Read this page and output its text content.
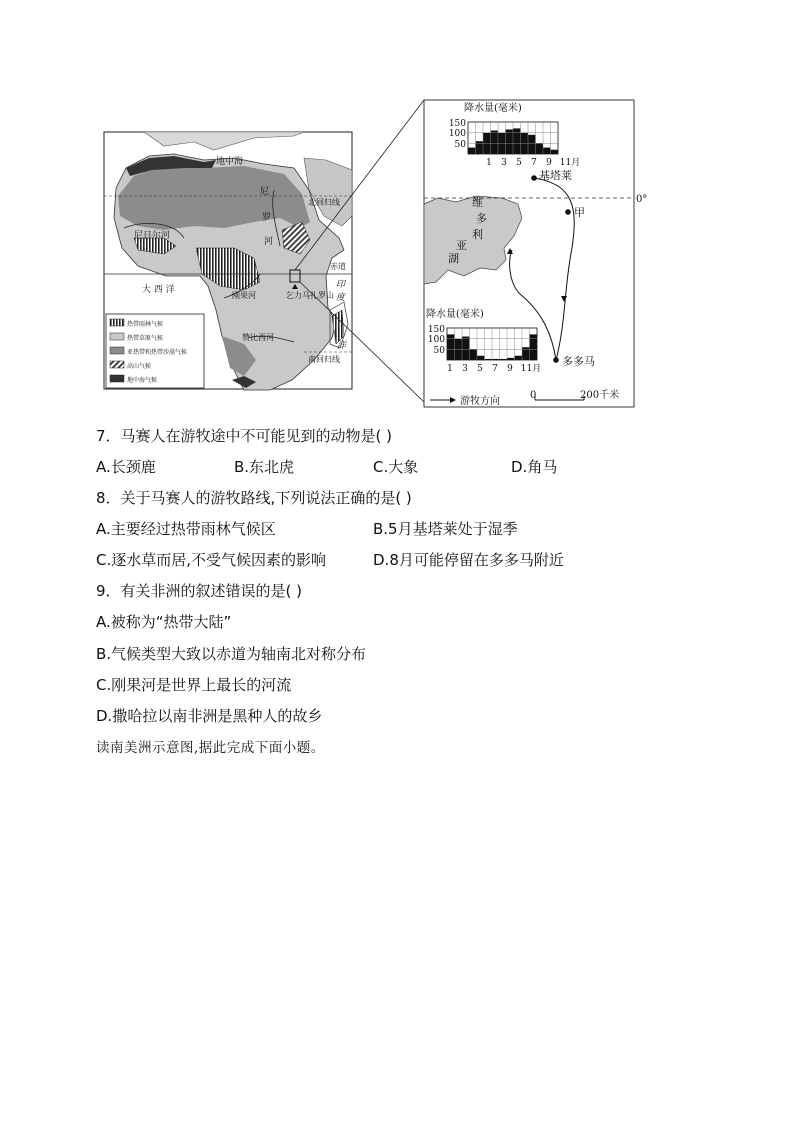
地中海
尼
罗
河
北回归线
尼日尔河
赤道
大 西 洋
刚果河	乞力马扎罗山
印
度
洋
赞比西河
南回归线
热带雨林气候
热带草原气候
亚热带和热带沙漠气候
高山气候
地中海气候
0°
维
多
利
亚
湖
基塔莱
甲
多多马
游牧方向
0	200千米
降水量(毫米)
150
100
50
1 3 5 7 9 11月
降水量(毫米)
150
100
50
1 3 5 7 9 11月
7．马赛人在游牧途中不可能见到的动物是( )
A.长颈鹿	B.东北虎	C.大象	D.角马
8．关于马赛人的游牧路线,下列说法正确的是( )
A.主要经过热带雨林气候区	B.5月基塔莱处于湿季
C.逐水草而居,不受气候因素的影响	D.8月可能停留在多多马附近
9．有关非洲的叙述错误的是( )
A.被称为“热带大陆”
B.气候类型大致以赤道为轴南北对称分布
C.刚果河是世界上最长的河流
D.撒哈拉以南非洲是黑种人的故乡
读南美洲示意图,据此完成下面小题。
